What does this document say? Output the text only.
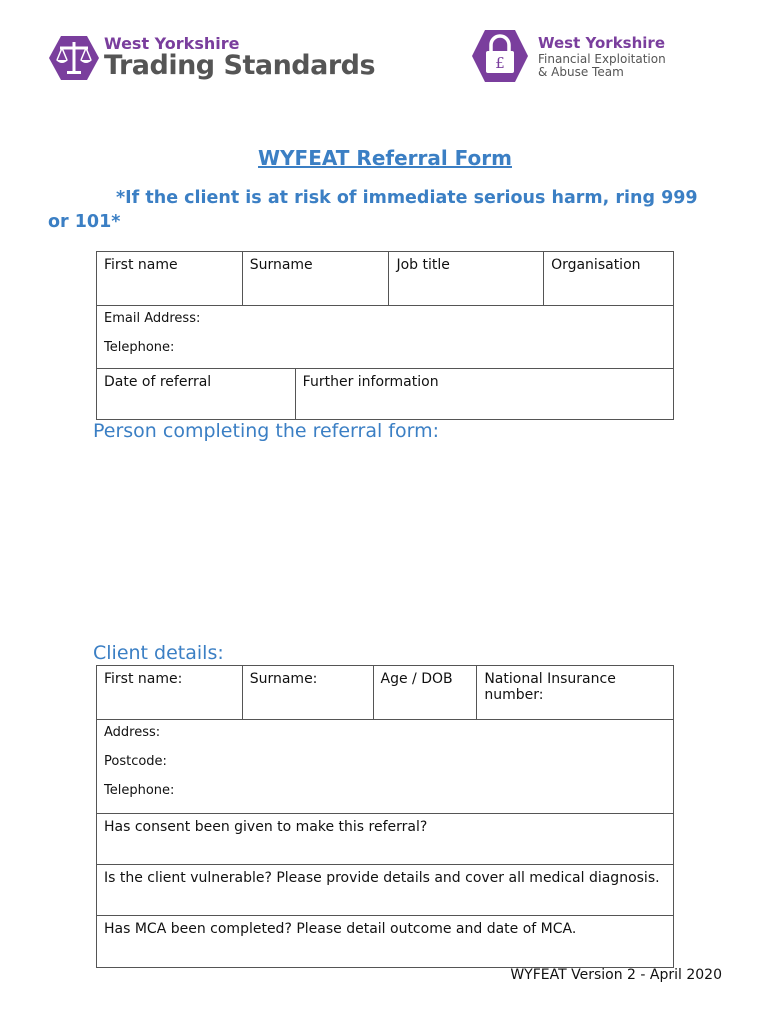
West Yorkshire
Trading Standards	£
West Yorkshire
Financial Exploitation
& Abuse Team
WYFEAT Referral Form
*If the client is at risk of immediate serious harm, ring 999 or 101*
First name	Surname	Job title	Organisation
Email Address:
Telephone:
Date of referral	Further information
Person completing the referral form:
Client details:
First name:	Surname:	Age / DOB	National Insurance number:
Address:
Postcode:
Telephone:

Has consent been given to make this referral?
Is the client vulnerable? Please provide details and cover all medical diagnosis.
Has MCA been completed? Please detail outcome and date of MCA.
WYFEAT Version 2 - April 2020
